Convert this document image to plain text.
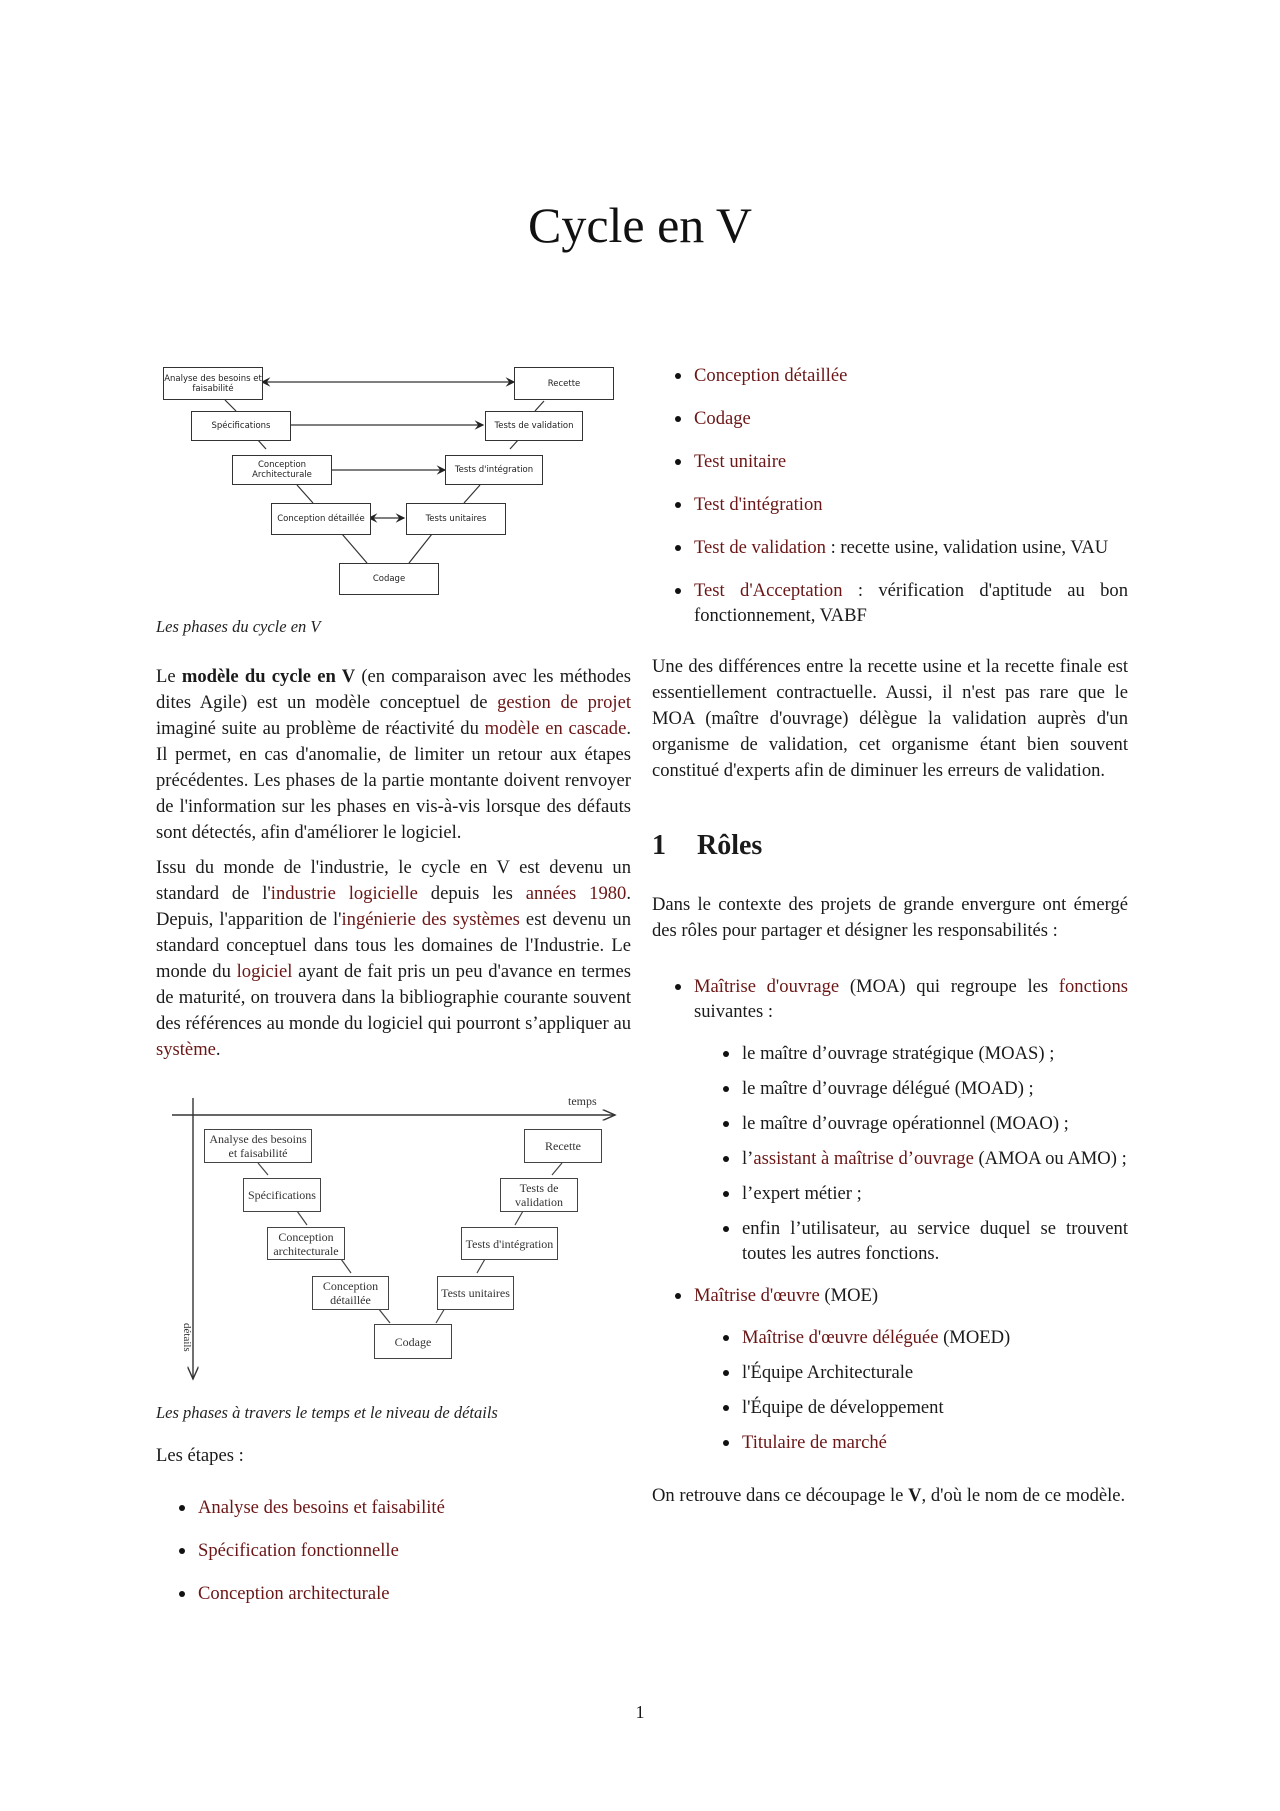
Cycle en V
Analyse des besoins et faisabilité	Recette
Spécifications	Tests de validation
Conception Architecturale	Tests d'intégration
Conception détaillée	Tests unitaires
Codage

Les phases du cycle en V

Le modèle du cycle en V (en comparaison avec les méthodes dites Agile) est un modèle conceptuel de gestion de projet imaginé suite au problème de réactivité du modèle en cascade. Il permet, en cas d'anomalie, de limiter un retour aux étapes précédentes. Les phases de la partie montante doivent renvoyer de l'information sur les phases en vis-à-vis lorsque des défauts sont détectés, afin d'améliorer le logiciel.

Issu du monde de l'industrie, le cycle en V est devenu un standard de l'industrie logicielle depuis les années 1980. Depuis, l'apparition de l'ingénierie des systèmes est devenu un standard conceptuel dans tous les domaines de l'Industrie. Le monde du logiciel ayant de fait pris un peu d'avance en termes de maturité, on trouvera dans la bibliographie courante souvent des références au monde du logiciel qui pourront s’appliquer au système.

temps
détails
Analyse des besoins et faisabilité
Spécifications
Conception architecturale
Conception détaillée
Codage
Tests unitaires
Tests d'intégration
Tests de validation
Recette

Les phases à travers le temps et le niveau de détails

Les étapes :

Analyse des besoins et faisabilité
Spécification fonctionnelle
Conception architecturale
Conception détaillée
Codage
Test unitaire
Test d'intégration
Test de validation : recette usine, validation usine, VAU
Test d'Acceptation : vérification d'aptitude au bon fonctionnement, VABF

Une des différences entre la recette usine et la recette finale est essentiellement contractuelle. Aussi, il n'est pas rare que le MOA (maître d'ouvrage) délègue la validation auprès d'un organisme de validation, cet organisme étant bien souvent constitué d'experts afin de diminuer les erreurs de validation.

1 Rôles

Dans le contexte des projets de grande envergure ont émergé des rôles pour partager et désigner les responsabilités :

Maîtrise d'ouvrage (MOA) qui regroupe les fonctions suivantes :
le maître d’ouvrage stratégique (MOAS) ;
le maître d’ouvrage délégué (MOAD) ;
le maître d’ouvrage opérationnel (MOAO) ;
l’assistant à maîtrise d’ouvrage (AMOA ou AMO) ;
l’expert métier ;
enfin l’utilisateur, au service duquel se trouvent toutes les autres fonctions.
Maîtrise d'œuvre (MOE)
Maîtrise d'œuvre déléguée (MOED)
l'Équipe Architecturale
l'Équipe de développement
Titulaire de marché

On retrouve dans ce découpage le V, d'où le nom de ce modèle.

1
